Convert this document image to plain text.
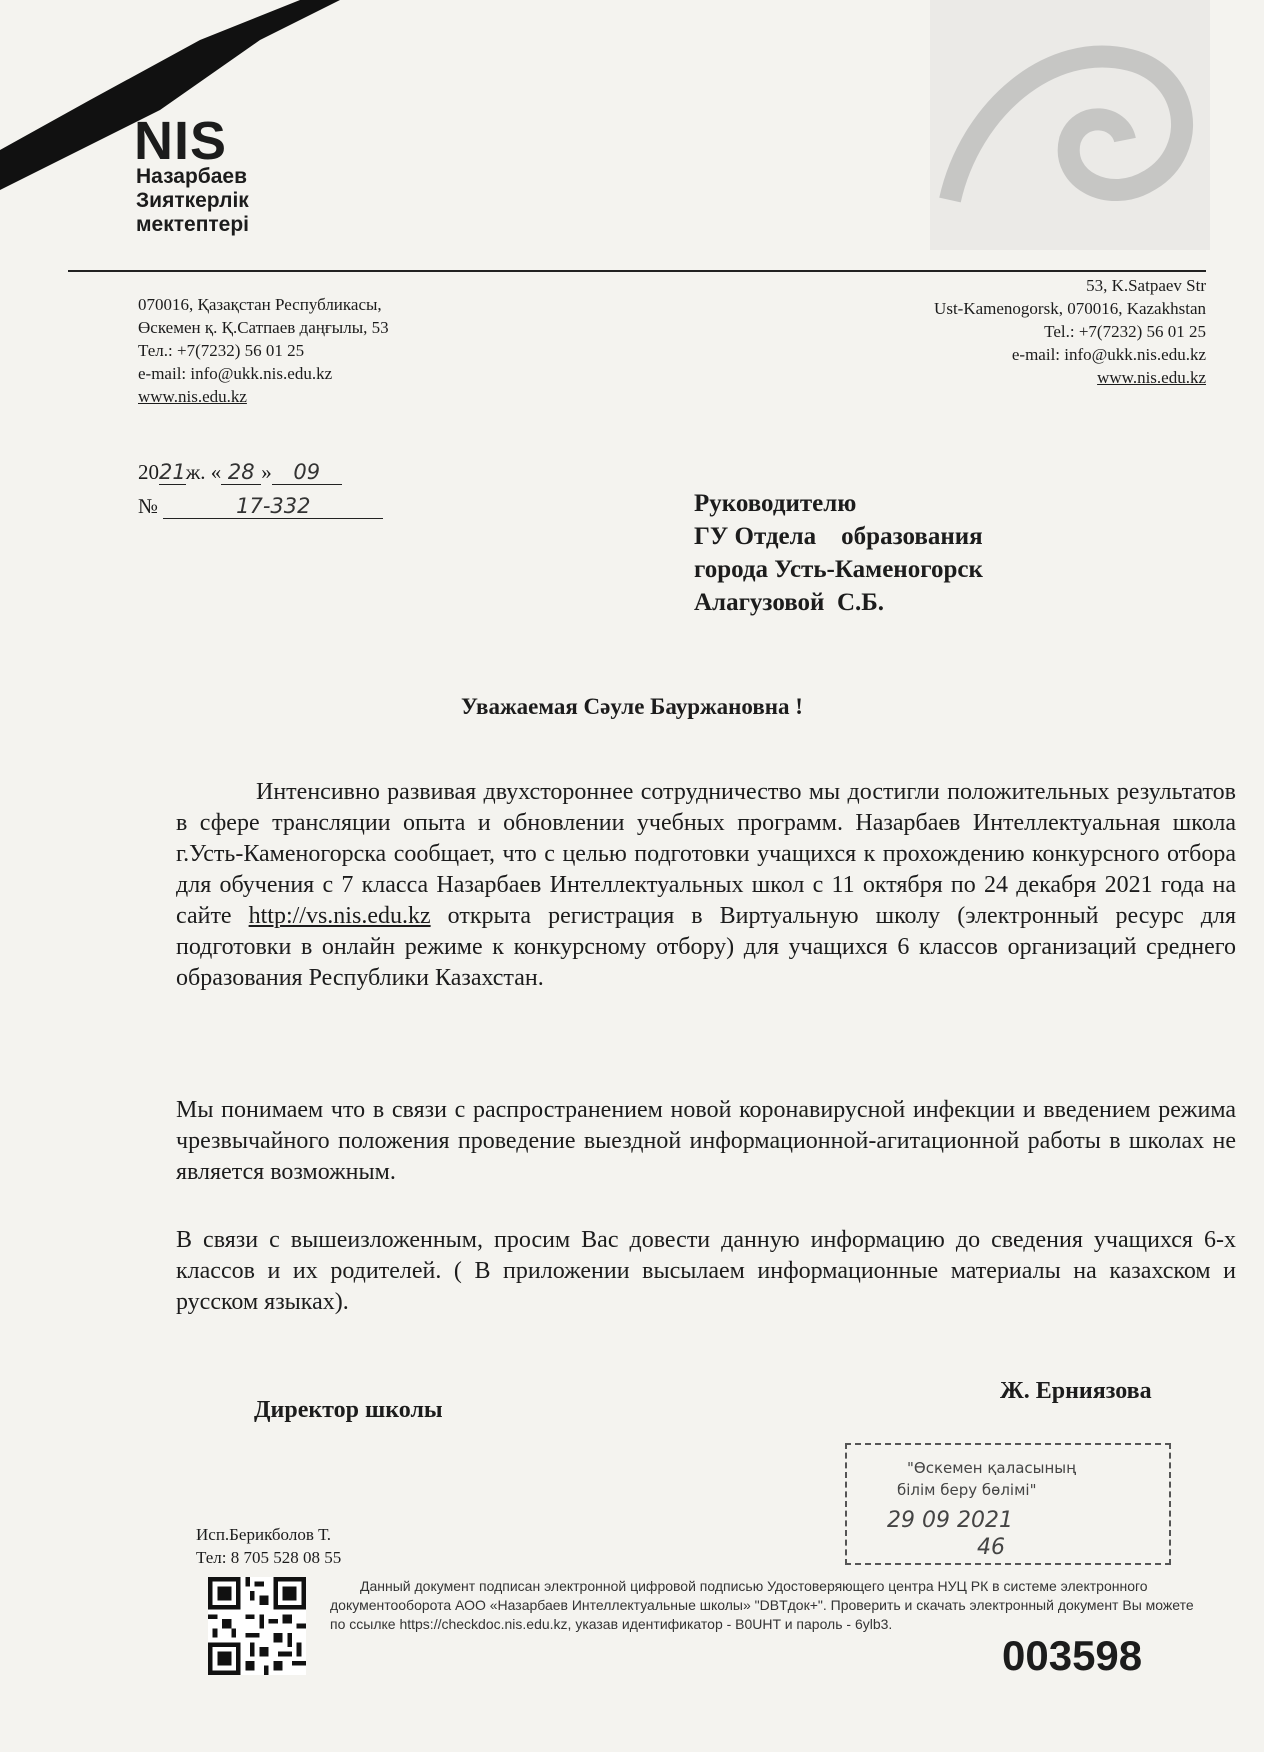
NIS
Назарбаев
Зияткерлік
мектептері
070016, Қазақстан Республикасы,
Өскемен қ. Қ.Сатпаев даңғылы, 53
Тел.: +7(7232) 56 01 25
e-mail: info@ukk.nis.edu.kz
www.nis.edu.kz
53, K.Satpaev Str
Ust-Kamenogorsk, 070016, Kazakhstan
Tel.: +7(7232) 56 01 25
e-mail: info@ukk.nis.edu.kz
www.nis.edu.kz
2021ж. « 28 » 09
№	17-332	Руководителю
ГУ Отдела    образования
города Усть-Каменогорск
Алагузовой  С.Б.
Уважаемая Сәуле Бауржановна !
Интенсивно развивая двухстороннее сотрудничество мы достигли положительных результатов в сфере трансляции опыта и обновлении учебных программ. Назарбаев Интеллектуальная школа г.Усть-Каменогорска сообщает, что с целью подготовки учащихся к прохождению конкурсного отбора для обучения с 7 класса Назарбаев Интеллектуальных школ с 11 октября по 24 декабря 2021 года на сайте http://vs.nis.edu.kz открыта регистрация в Виртуальную школу (электронный ресурс для подготовки в онлайн режиме к конкурсному отбору) для учащихся 6 классов организаций среднего образования Республики Казахстан.
Мы понимаем что в связи с распространением новой коронавирусной инфекции и введением режима чрезвычайного положения проведение выездной информационной-агитационной работы в школах не является возможным.
В связи с вышеизложенным, просим Вас довести данную информацию до сведения учащихся 6-х классов и их родителей. ( В приложении высылаем информационные материалы на казахском и русском языках).
Директор школы
Ж. Ерниязова
"Өскемен қаласының
білім беру бөлімі"
29 09 2021
46
Исп.Берикболов Т.
Тел: 8 705 528 08 55
Данный документ подписан электронной цифровой подписью Удостоверяющего центра НУЦ РК в системе электронного документооборота АОО «Назарбаев Интеллектуальные школы» "DBTдок+". Проверить и скачать электронный документ Вы можете по ссылке https://checkdoc.nis.edu.kz, указав идентификатор - B0UHT и пароль - 6ylb3.
003598
